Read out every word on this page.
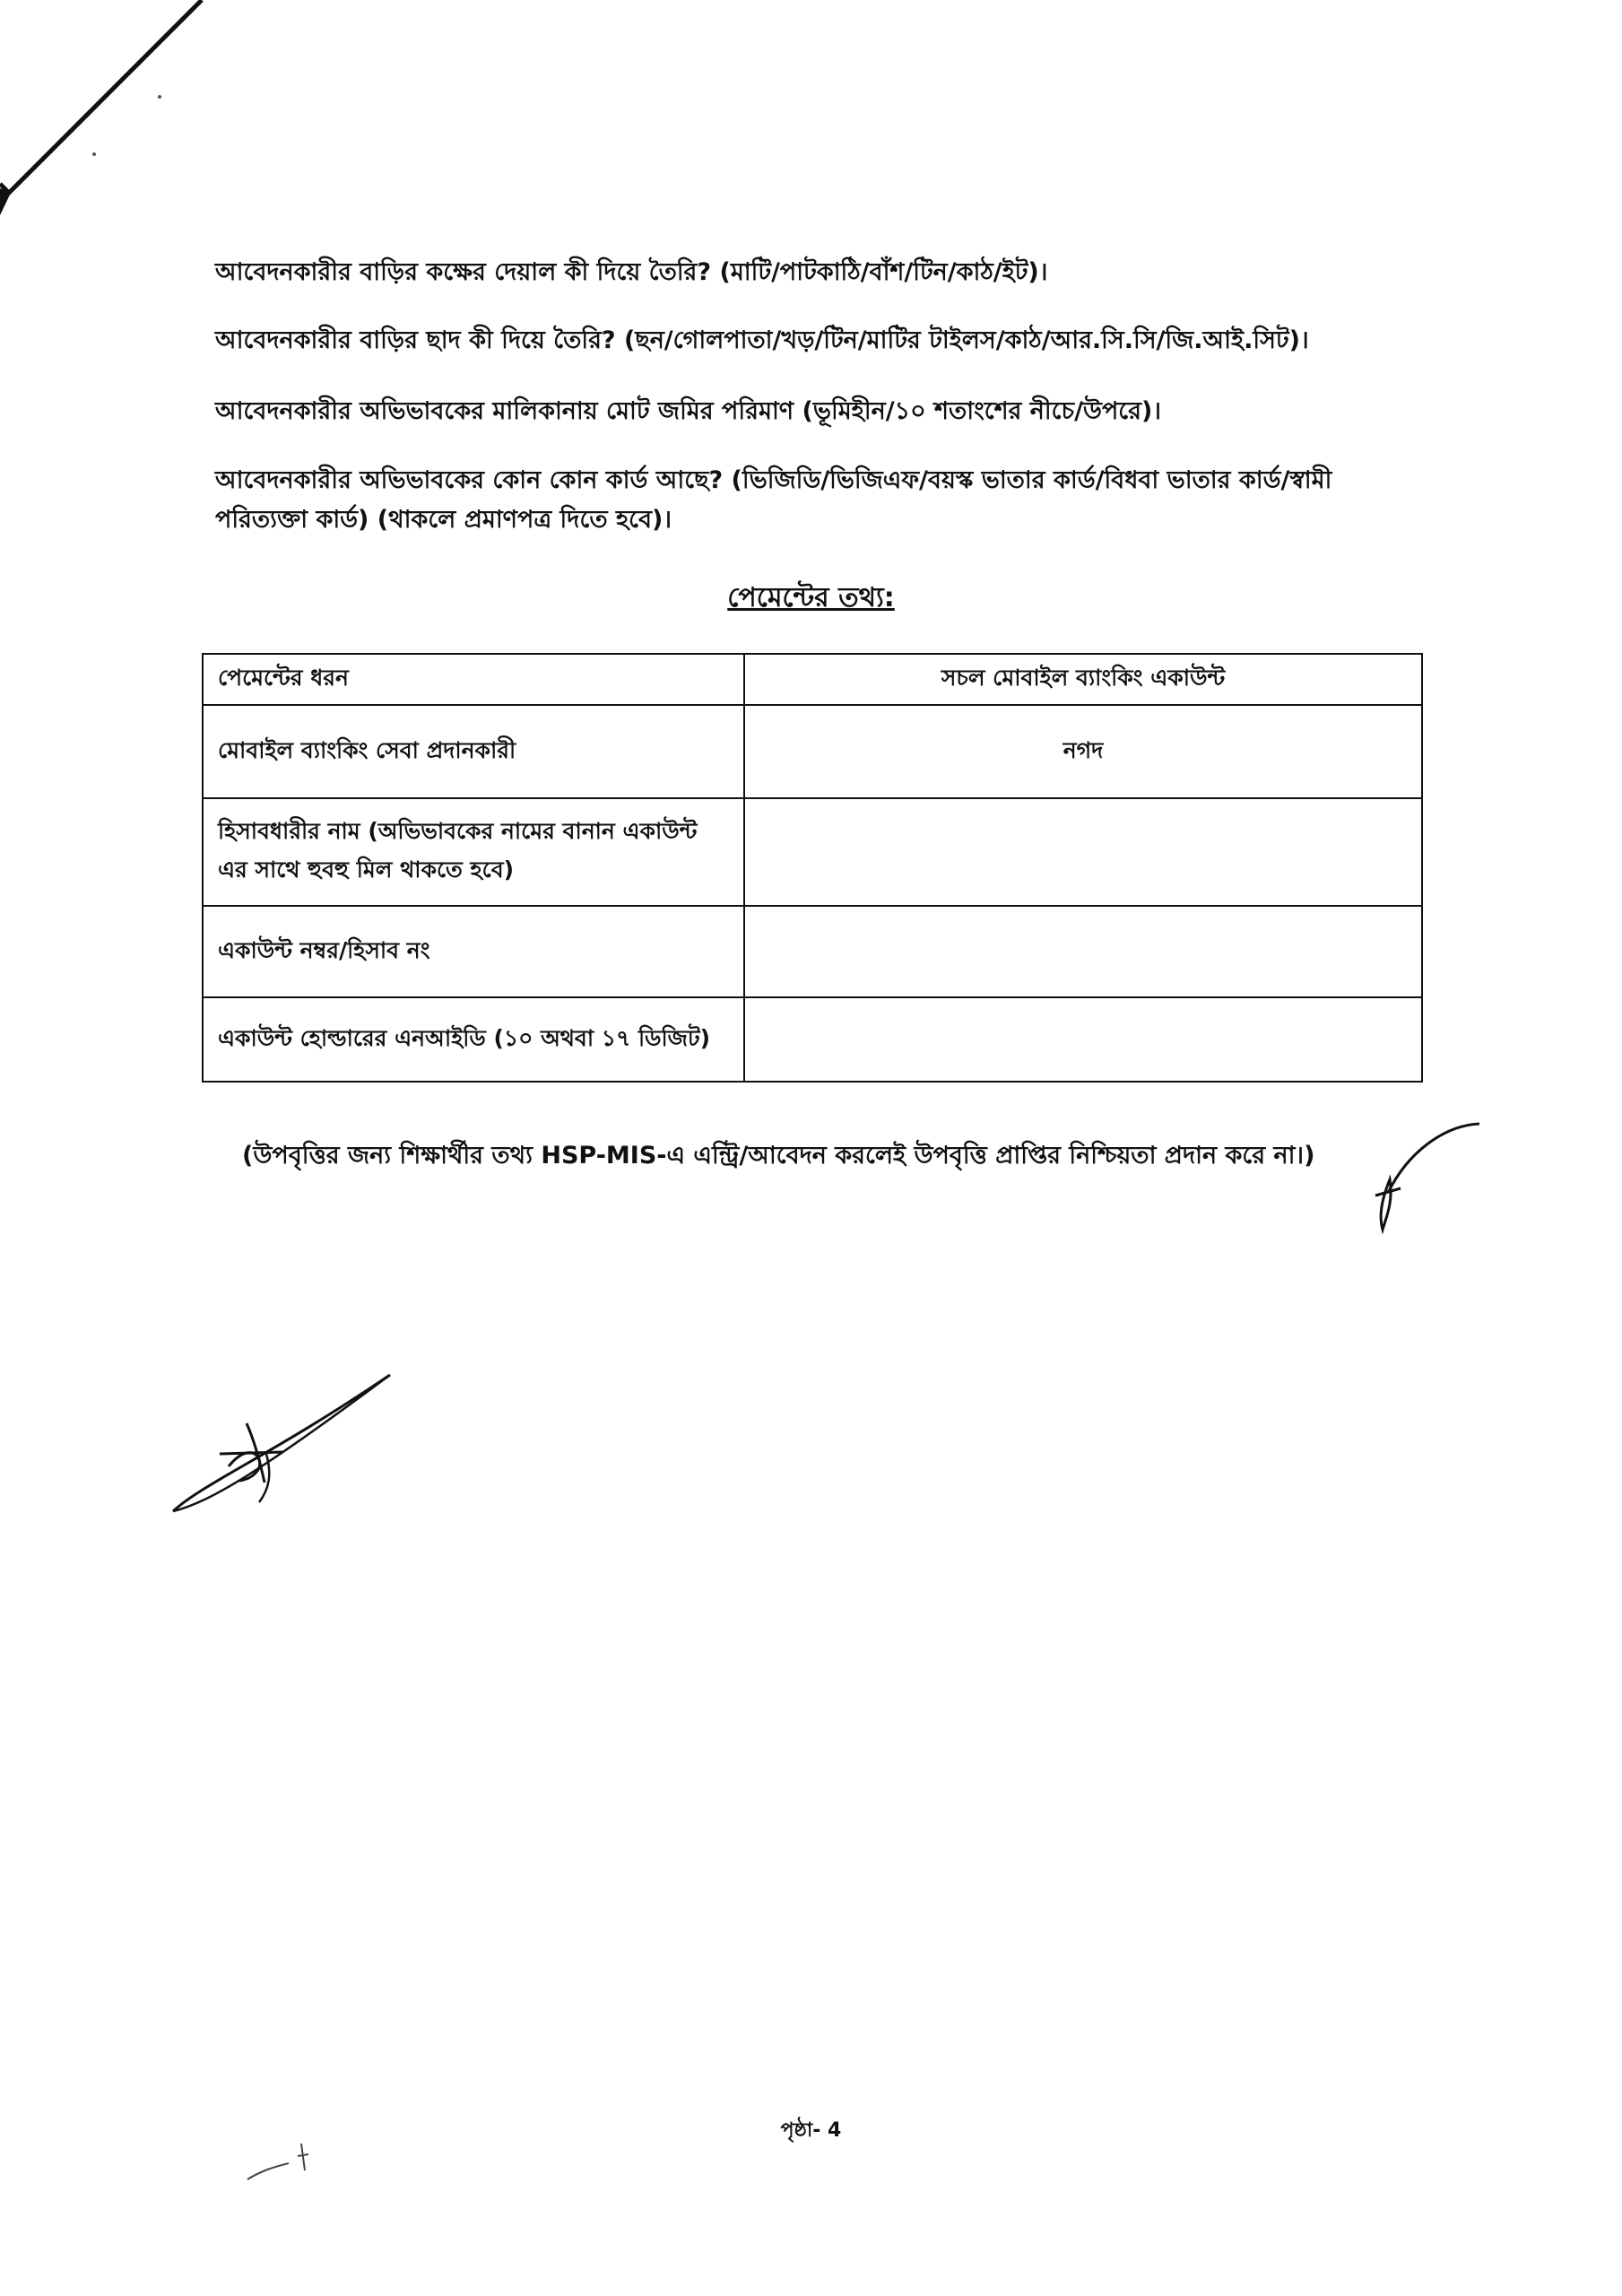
আবেদনকারীর বাড়ির কক্ষের দেয়াল কী দিয়ে তৈরি? (মাটি/পাটকাঠি/বাঁশ/টিন/কাঠ/ইট)।
আবেদনকারীর বাড়ির ছাদ কী দিয়ে তৈরি? (ছন/গোলপাতা/খড়/টিন/মাটির টাইলস/কাঠ/আর.সি.সি/জি.আই.সিট)।
আবেদনকারীর অভিভাবকের মালিকানায় মোট জমির পরিমাণ (ভূমিহীন/১০ শতাংশের নীচে/উপরে)।
আবেদনকারীর অভিভাবকের কোন কোন কার্ড আছে? (ভিজিডি/ভিজিএফ/বয়স্ক ভাতার কার্ড/বিধবা ভাতার কার্ড/স্বামী পরিত্যক্তা কার্ড) (থাকলে প্রমাণপত্র দিতে হবে)।
পেমেন্টের তথ্য:
পেমেন্টের ধরন	সচল মোবাইল ব্যাংকিং একাউন্ট
মোবাইল ব্যাংকিং সেবা প্রদানকারী	নগদ
হিসাবধারীর নাম (অভিভাবকের নামের বানান একাউন্ট এর সাথে হুবহু মিল থাকতে হবে)	
একাউন্ট নম্বর/হিসাব নং	
একাউন্ট হোল্ডারের এনআইডি (১০ অথবা ১৭ ডিজিট)	
(উপবৃত্তির জন্য শিক্ষার্থীর তথ্য HSP-MIS-এ এন্ট্রি/আবেদন করলেই উপবৃত্তি প্রাপ্তির নিশ্চিয়তা প্রদান করে না।)
পৃষ্ঠা- 4
